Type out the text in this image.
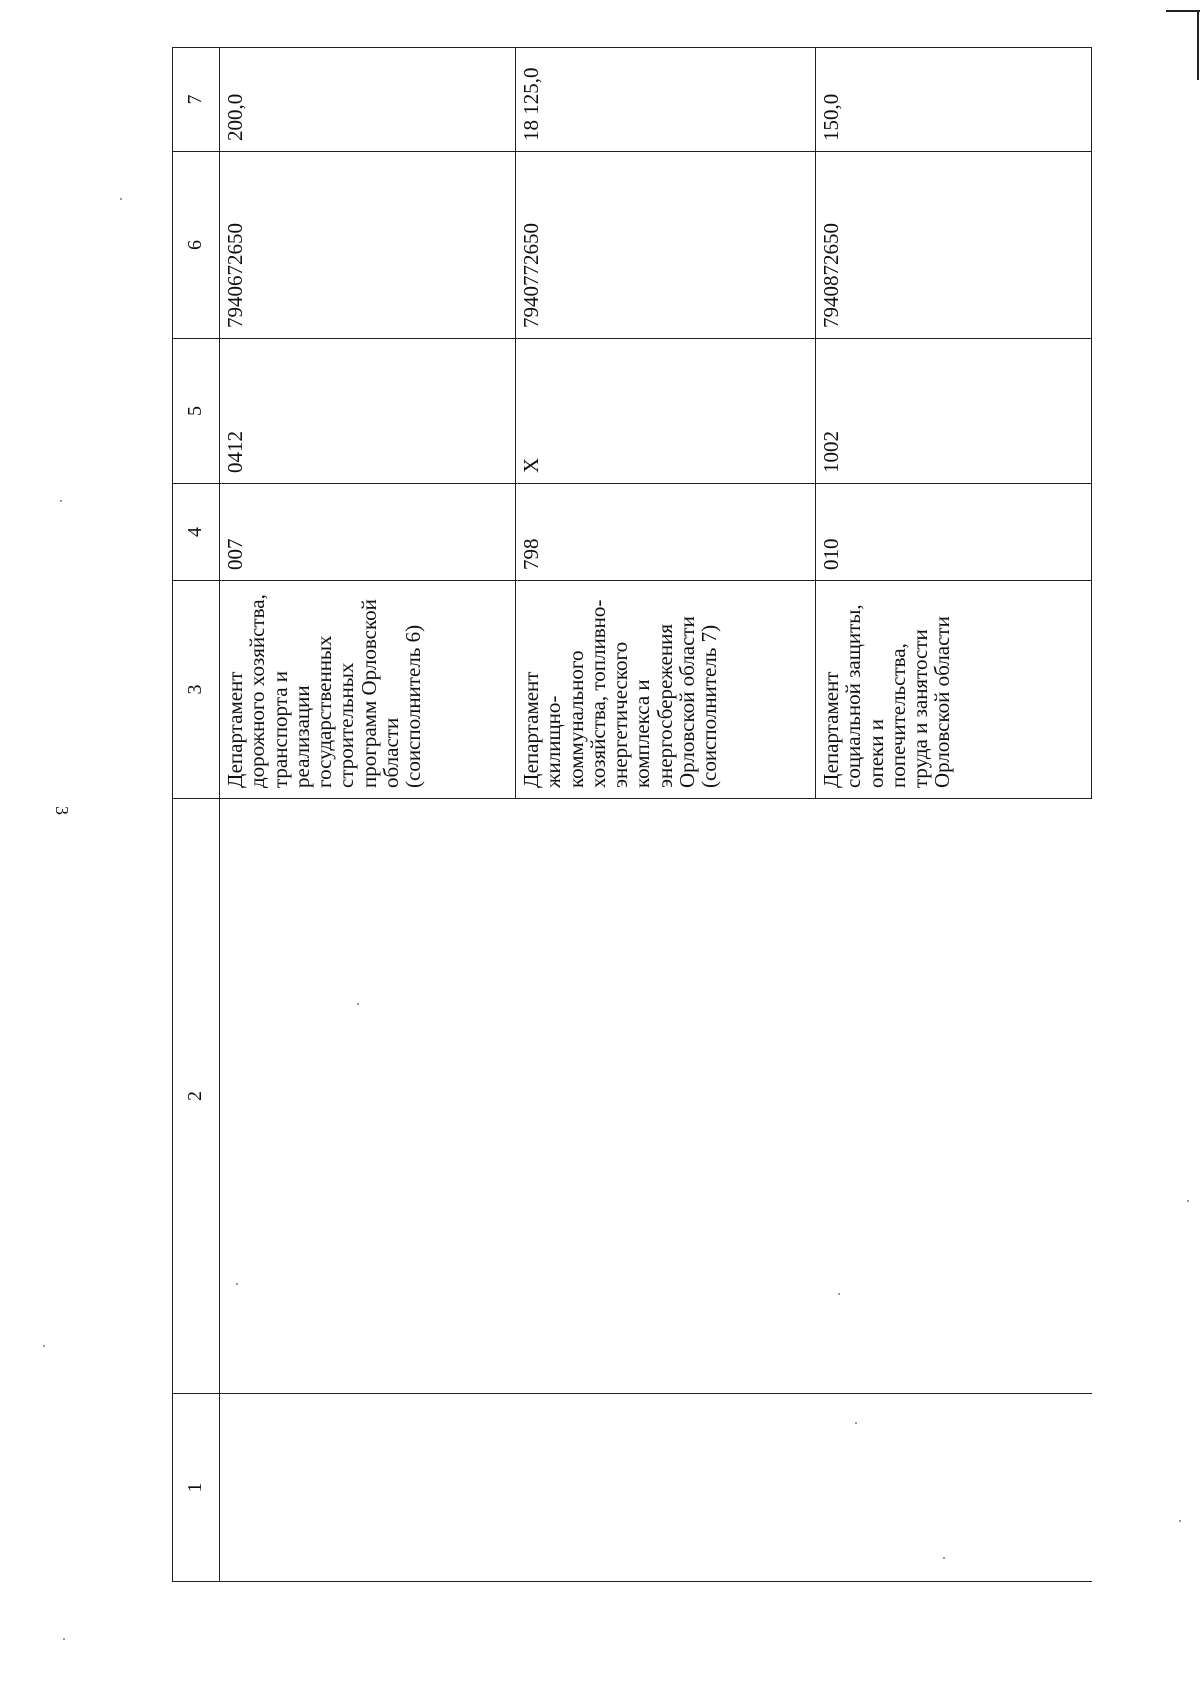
3
1	2	3	4	5	6	7

		Департамент дорожного хозяйства, транспорта и реализации государственных строительных программ Орловской области (соисполнитель 6)	007	0412	7940672650	200,0

		Департамент жилищно-коммунального хозяйства, топливно-энергетического комплекса и энергосбережения Орловской области (соисполнитель 7)	798	Х	7940772650	18 125,0

		Департамент социальной защиты, опеки и попечительства, труда и занятости Орловской области	010	1002	7940872650	150,0
